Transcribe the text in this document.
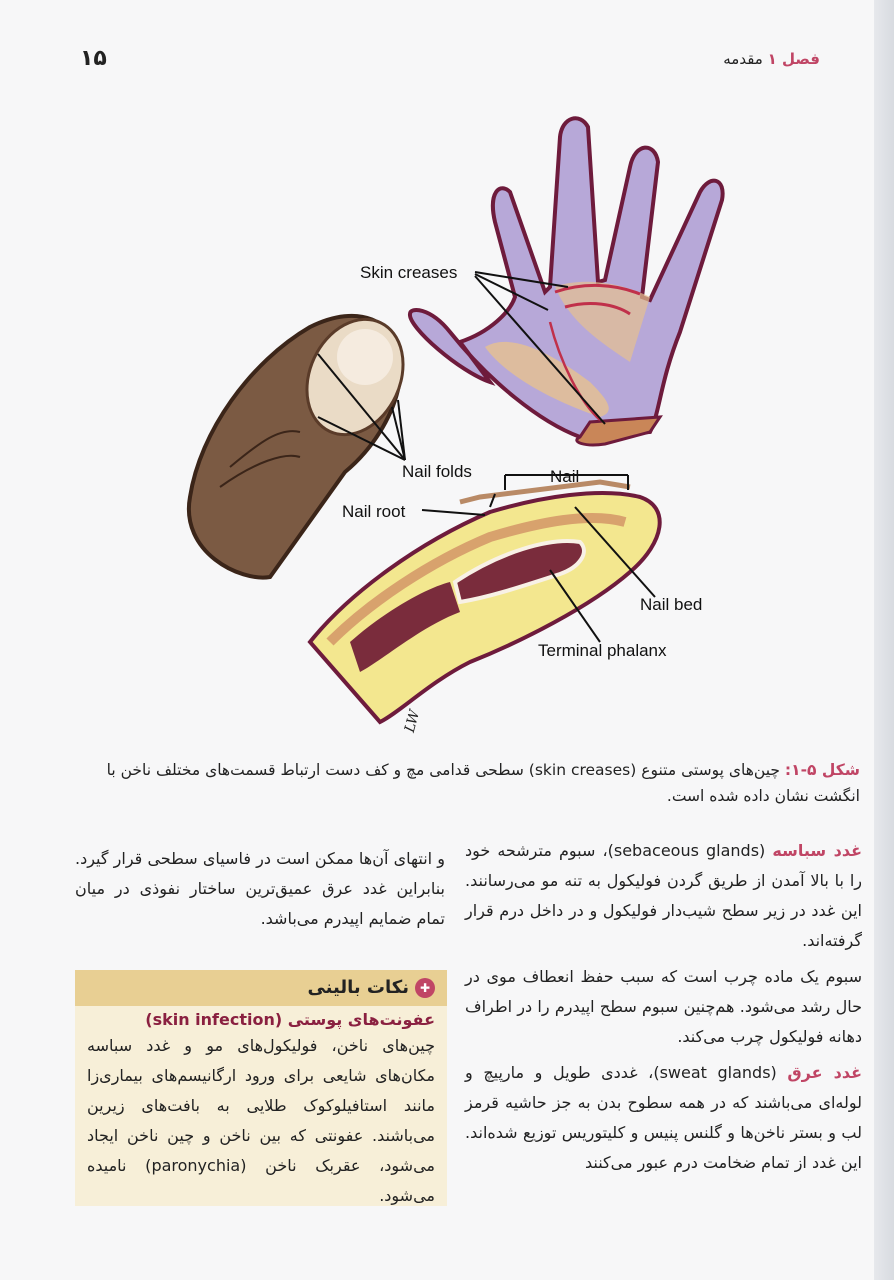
۱۵	فصل ۱ مقدمه
Skin creases
Nail folds	Nail
Nail root
Nail bed
Terminal phalanx
LW
شکل ۵-۱: چین‌های پوستی متنوع (skin creases) سطحی قدامی مچ و کف دست ارتباط قسمت‌های مختلف ناخن با انگشت نشان داده شده است.

غدد سباسه (sebaceous glands)، سبوم مترشحه خود را با بالا آمدن از طریق گردن فولیکول به تنه مو می‌رسانند. این غدد در زیر سطح شیب‌دار فولیکول و در داخل درم قرار گرفته‌اند.

سبوم یک ماده چرب است که سبب حفظ انعطاف موی در حال رشد می‌شود. هم‌چنین سبوم سطح اپیدرم را در اطراف دهانه فولیکول چرب می‌کند.

غدد عرق (sweat glands)، غددی طویل و مارپیچ و لوله‌ای می‌باشند که در همه سطوح بدن به جز حاشیه قرمز لب و بستر ناخن‌ها و گلنس پنیس و کلیتوریس توزیع شده‌اند. این غدد از تمام ضخامت درم عبور می‌کنند

و انتهای آن‌ها ممکن است در فاسیای سطحی قرار گیرد. بنابراین غدد عرق عمیق‌ترین ساختار نفوذی در میان تمام ضمایم اپیدرم می‌باشد.

✚نکات بالینی
عفونت‌های پوستی (skin infection)
چین‌های ناخن، فولیکول‌های مو و غدد سباسه مکان‌های شایعی برای ورود ارگانیسم‌های بیماری‌زا مانند استافیلوکوک طلایی به بافت‌های زیرین می‌باشند. عفونتی که بین ناخن و چین ناخن ایجاد می‌شود، عقربک ناخن (paronychia) نامیده می‌شود.
